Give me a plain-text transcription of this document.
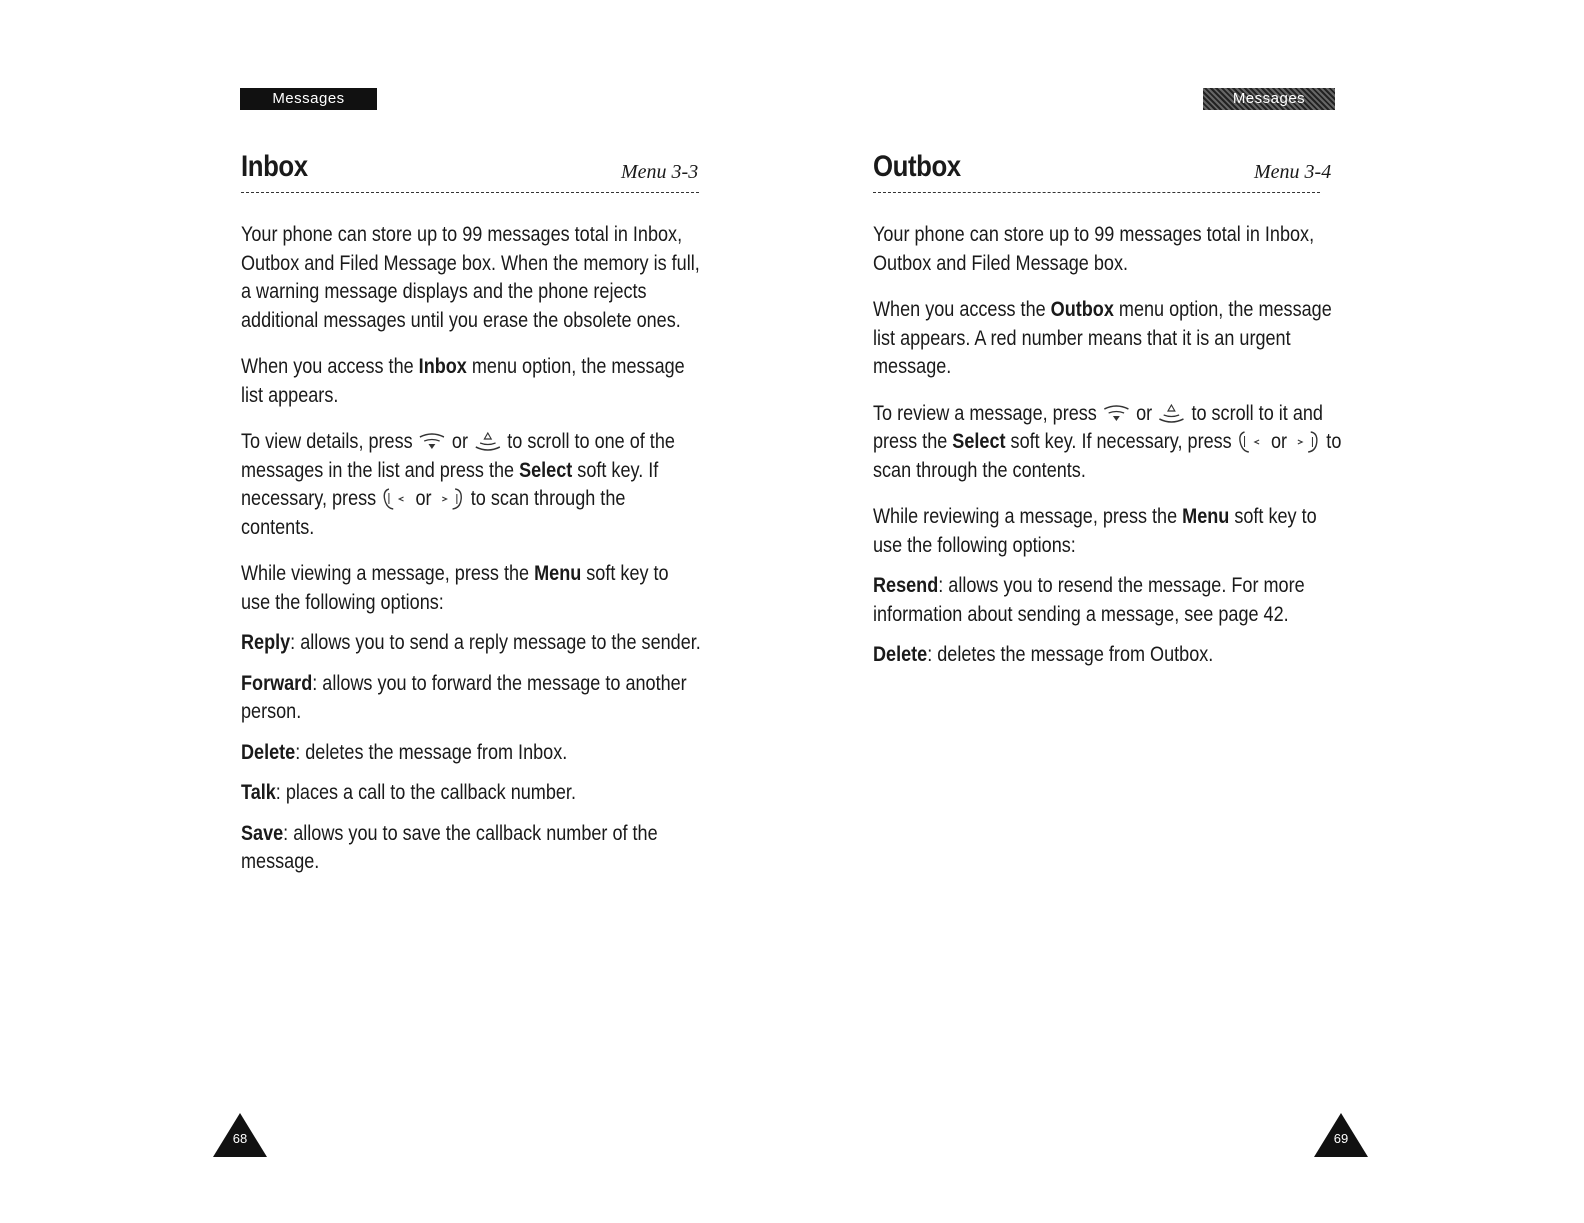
Messages
Inbox	Menu 3-3

Your phone can store up to 99 messages total in Inbox, Outbox and Filed Message box. When the memory is full, a warning message displays and the phone rejects additional messages until you erase the obsolete ones.

When you access the Inbox menu option, the message list appears.

To view details, press
or
to scroll to one of the messages in the list and press the Select soft key. If necessary, press
or
to scan through the contents.

While viewing a message, press the Menu soft key to use the following options:

Reply: allows you to send a reply message to the sender.

Forward: allows you to forward the message to another person.

Delete: deletes the message from Inbox.

Talk: places a call to the callback number.

Save: allows you to save the callback number of the message.

68
Messages
Outbox	Menu 3-4

Your phone can store up to 99 messages total in Inbox, Outbox and Filed Message box.

When you access the Outbox menu option, the message list appears. A red number means that it is an urgent message.

To review a message, press
or
to scroll to it and press the Select soft key. If necessary, press
or
to scan through the contents.

While reviewing a message, press the Menu soft key to use the following options:

Resend: allows you to resend the message. For more information about sending a message, see page 42.

Delete: deletes the message from Outbox.

69
